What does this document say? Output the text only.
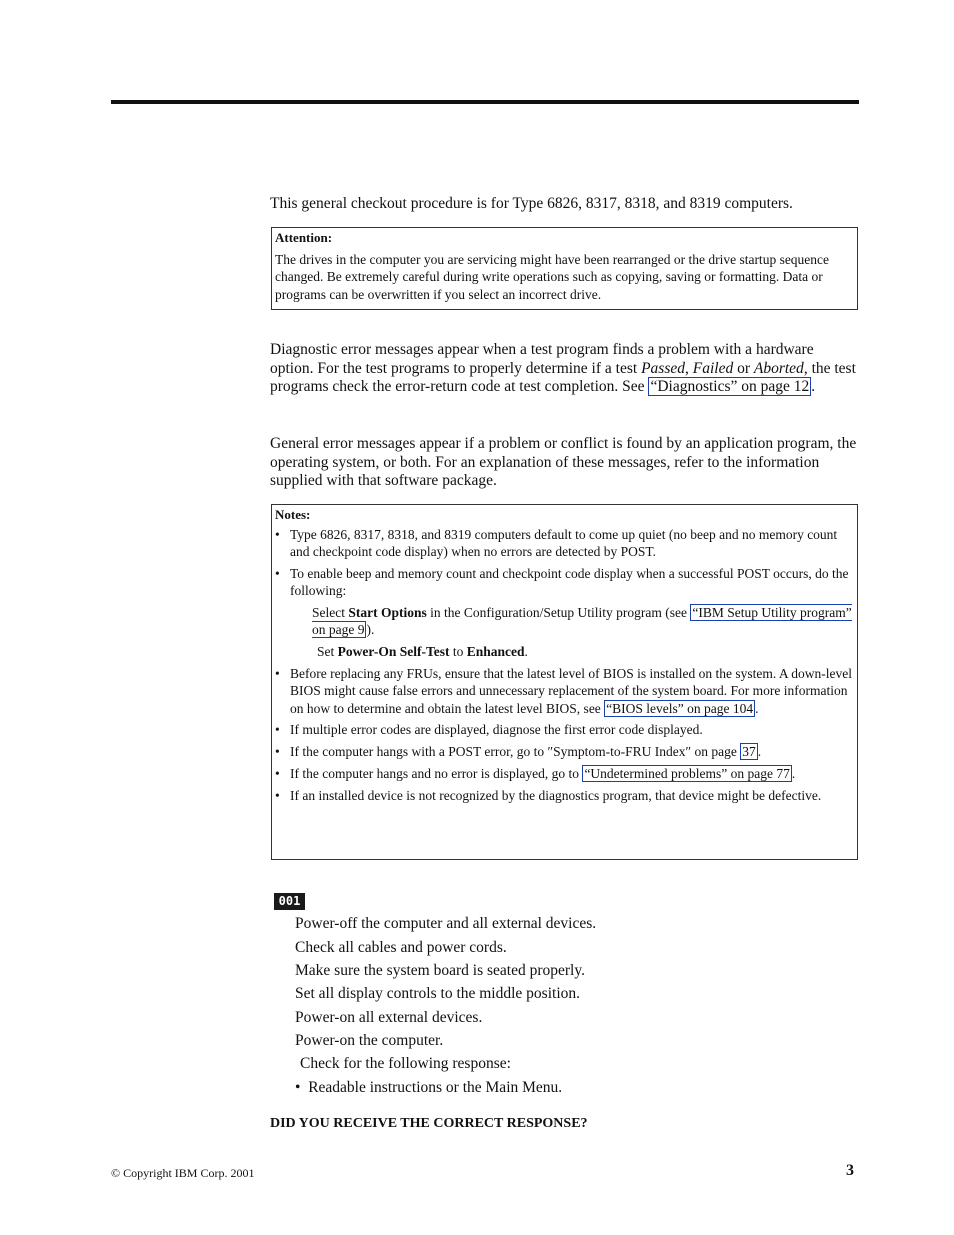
This general checkout procedure is for Type 6826, 8317, 8318, and 8319 computers.
Attention:
The drives in the computer you are servicing might have been rearranged or the drive startup sequence changed. Be extremely careful during write operations such as copying, saving or formatting. Data or programs can be overwritten if you select an incorrect drive.
Diagnostic error messages appear when a test program finds a problem with a hardware option. For the test programs to properly determine if a test Passed, Failed or Aborted, the test programs check the error-return code at test completion. See “Diagnostics” on page 12 .
General error messages appear if a problem or conflict is found by an application program, the operating system, or both. For an explanation of these messages, refer to the information supplied with that software package.
Notes:
• Type 6826, 8317, 8318, and 8319 computers default to come up quiet (no beep and no memory count and checkpoint code display) when no errors are detected by POST.
• To enable beep and memory count and checkpoint code display when a successful POST occurs, do the following:
Select Start Options in the Configuration/Setup Utility program (see “IBM Setup Utility program” on page 9 ).
Set Power-On Self-Test to Enhanced.
• Before replacing any FRUs, ensure that the latest level of BIOS is installed on the system. A down-level BIOS might cause false errors and unnecessary replacement of the system board. For more information on how to determine and obtain the latest level BIOS, see “BIOS levels” on page 104 .
• If multiple error codes are displayed, diagnose the first error code displayed.
• If the computer hangs with a POST error, go to ″Symptom-to-FRU Index″ on page 37 .
• If the computer hangs and no error is displayed, go to “Undetermined problems” on page 77 .
• If an installed device is not recognized by the diagnostics program, that device might be defective.
001
Power-off the computer and all external devices.
Check all cables and power cords.
Make sure the system board is seated properly.
Set all display controls to the middle position.
Power-on all external devices.
Power-on the computer.
Check for the following response:
• Readable instructions or the Main Menu.
DID YOU RECEIVE THE CORRECT RESPONSE?
© Copyright IBM Corp. 2001	3
